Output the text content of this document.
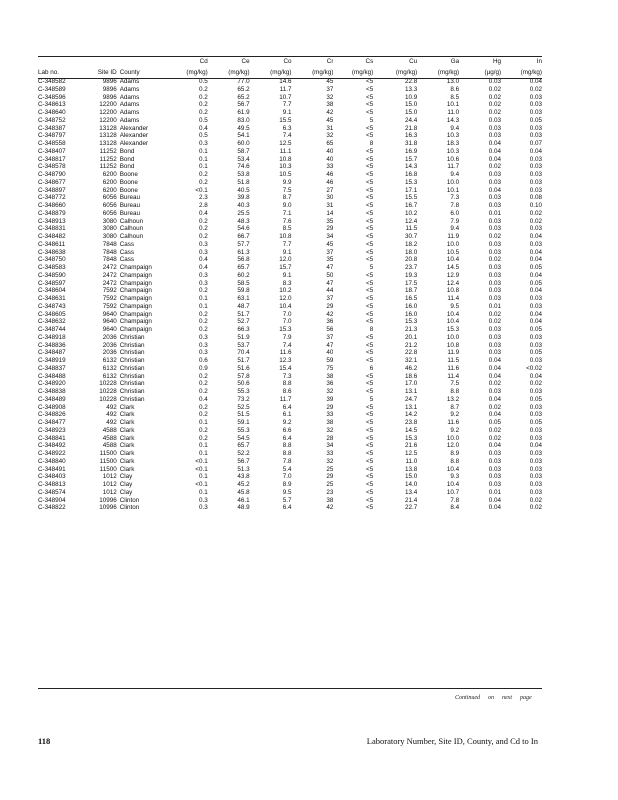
			Cd	Ce	Co	Cr	Cs	Cu	Ga	Hg	In
Lab no.	Site ID	County	(mg/kg)	(mg/kg)	(mg/kg)	(mg/kg)	(mg/kg)	(mg/kg)	(mg/kg)	(µg/g)	(mg/kg)
C-348582	9896	Adams	0.5	77.0	14.6	45	<5	22.8	13.0	0.03	0.04
C-348589	9896	Adams	0.2	65.2	11.7	37	<5	13.3	8.6	0.02	0.02
C-348596	9896	Adams	0.2	65.2	10.7	32	<5	10.9	8.5	0.02	0.03
C-348613	12200	Adams	0.2	56.7	7.7	38	<5	15.0	10.1	0.02	0.03
C-348640	12200	Adams	0.2	61.9	9.1	42	<5	15.0	11.0	0.02	0.03
C-348752	12200	Adams	0.5	83.0	15.5	45	5	24.4	14.3	0.03	0.05
C-348387	13128	Alexander	0.4	49.5	6.3	31	<5	21.8	9.4	0.03	0.03
C-348797	13128	Alexander	0.5	54.1	7.4	32	<5	16.3	10.3	0.03	0.03
C-348558	13128	Alexander	0.3	60.0	12.5	65	8	31.8	18.3	0.04	0.07
C-348407	11252	Bond	0.1	58.7	11.1	40	<5	16.9	10.3	0.04	0.04
C-348817	11252	Bond	0.1	53.4	10.8	40	<5	15.7	10.6	0.04	0.03
C-348578	11252	Bond	0.1	74.6	10.3	33	<5	14.3	11.7	0.02	0.03
C-348790	6200	Boone	0.2	53.8	10.5	46	<5	16.8	9.4	0.03	0.03
C-348677	6200	Boone	0.2	51.8	9.9	46	<5	15.3	10.0	0.03	0.03
C-348897	6200	Boone	<0.1	40.5	7.5	27	<5	17.1	10.1	0.04	0.03
C-348772	6056	Bureau	2.3	39.8	8.7	30	<5	15.5	7.3	0.03	0.08
C-348660	6056	Bureau	2.8	40.3	9.0	31	<5	16.7	7.8	0.03	0.10
C-348879	6056	Bureau	0.4	25.5	7.1	14	<5	10.2	6.0	0.01	0.02
C-348913	3080	Calhoun	0.2	48.3	7.6	35	<5	12.4	7.9	0.03	0.02
C-348831	3080	Calhoun	0.2	54.6	8.5	29	<5	11.5	9.4	0.03	0.03
C-348482	3080	Calhoun	0.2	66.7	10.8	34	<5	30.7	11.9	0.02	0.04
C-348611	7848	Cass	0.3	57.7	7.7	45	<5	18.2	10.0	0.03	0.03
C-348638	7848	Cass	0.3	61.3	9.1	37	<5	18.0	10.5	0.03	0.04
C-348750	7848	Cass	0.4	56.8	12.0	35	<5	20.8	10.4	0.02	0.04
C-348583	2472	Champaign	0.4	65.7	15.7	47	5	23.7	14.5	0.03	0.05
C-348590	2472	Champaign	0.3	60.2	9.1	50	<5	19.3	12.9	0.03	0.04
C-348597	2472	Champaign	0.3	58.5	8.3	47	<5	17.5	12.4	0.03	0.05
C-348604	7592	Champaign	0.2	59.8	10.2	44	<5	18.7	10.8	0.03	0.04
C-348631	7592	Champaign	0.1	63.1	12.0	37	<5	16.5	11.4	0.03	0.03
C-348743	7592	Champaign	0.1	48.7	10.4	29	<5	16.0	9.5	0.01	0.03
C-348605	9640	Champaign	0.2	51.7	7.0	42	<5	16.0	10.4	0.02	0.04
C-348632	9640	Champaign	0.2	52.7	7.0	36	<5	15.3	10.4	0.02	0.04
C-348744	9640	Champaign	0.2	66.3	15.3	56	8	21.3	15.3	0.03	0.05
C-348918	2036	Christian	0.3	51.9	7.9	37	<5	20.1	10.0	0.03	0.03
C-348836	2036	Christian	0.3	53.7	7.4	47	<5	21.2	10.8	0.03	0.03
C-348487	2036	Christian	0.3	70.4	11.6	40	<5	22.8	11.9	0.03	0.05
C-348919	6132	Christian	0.6	51.7	12.3	59	<5	32.1	11.5	0.04	0.03
C-348837	6132	Christian	0.9	51.6	15.4	75	6	46.2	11.6	0.04	<0.02
C-348488	6132	Christian	0.2	57.8	7.3	38	<5	18.6	11.4	0.04	0.04
C-348920	10228	Christian	0.2	50.6	8.8	36	<5	17.0	7.5	0.02	0.02
C-348838	10228	Christian	0.2	55.3	8.6	32	<5	13.1	8.8	0.03	0.03
C-348489	10228	Christian	0.4	73.2	11.7	39	5	24.7	13.2	0.04	0.05
C-348908	492	Clark	0.2	52.5	6.4	29	<5	13.1	8.7	0.02	0.03
C-348826	492	Clark	0.2	51.5	6.1	33	<5	14.2	9.2	0.04	0.03
C-348477	492	Clark	0.1	59.1	9.2	38	<5	23.8	11.6	0.05	0.05
C-348923	4588	Clark	0.2	55.3	6.6	32	<5	14.5	9.2	0.02	0.03
C-348841	4588	Clark	0.2	54.5	6.4	28	<5	15.3	10.0	0.02	0.03
C-348492	4588	Clark	0.1	65.7	8.8	34	<5	21.6	12.0	0.04	0.04
C-348922	11500	Clark	0.1	52.2	8.8	33	<5	12.5	8.9	0.03	0.03
C-348840	11500	Clark	<0.1	56.7	7.8	32	<5	11.0	8.8	0.03	0.03
C-348491	11500	Clark	<0.1	51.3	5.4	25	<5	13.8	10.4	0.03	0.03
C-348403	1012	Clay	0.1	43.8	7.0	29	<5	15.0	9.3	0.03	0.03
C-348813	1012	Clay	<0.1	45.2	8.9	25	<5	14.0	10.4	0.03	0.03
C-348574	1012	Clay	0.1	45.8	9.5	23	<5	13.4	10.7	0.01	0.03
C-348904	10996	Clinton	0.3	46.1	5.7	38	<5	21.4	7.8	0.04	0.02
C-348822	10996	Clinton	0.3	48.9	6.4	42	<5	22.7	8.4	0.04	0.02
Continued on next page
118	Laboratory Number, Site ID, County, and Cd to In
